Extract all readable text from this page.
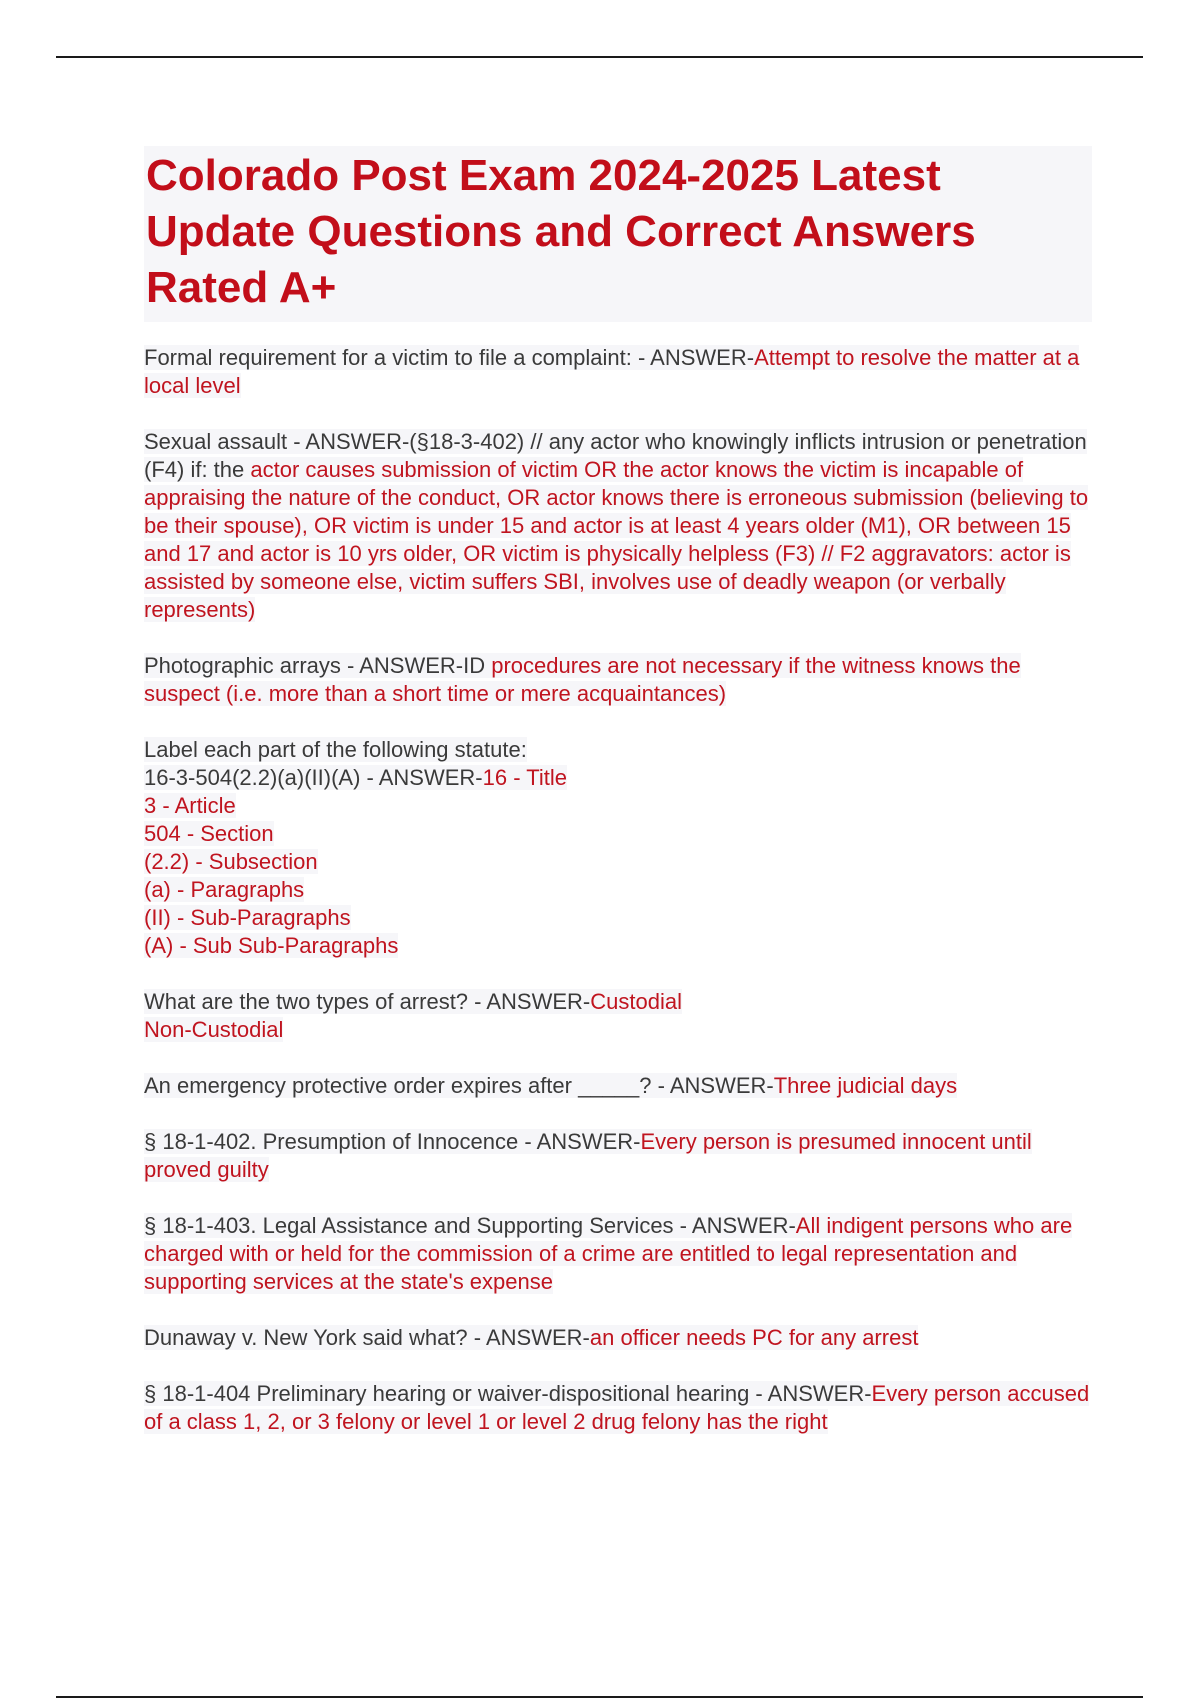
Colorado Post Exam 2024-2025 Latest Update Questions and Correct Answers Rated A+
Formal requirement for a victim to file a complaint: - ANSWER-Attempt to resolve the matter at a local level
Sexual assault - ANSWER-(§18-3-402) // any actor who knowingly inflicts intrusion or penetration (F4) if: the actor causes submission of victim OR the actor knows the victim is incapable of appraising the nature of the conduct, OR actor knows there is erroneous submission (believing to be their spouse), OR victim is under 15 and actor is at least 4 years older (M1), OR between 15 and 17 and actor is 10 yrs older, OR victim is physically helpless (F3) // F2 aggravators: actor is assisted by someone else, victim suffers SBI, involves use of deadly weapon (or verbally represents)
Photographic arrays - ANSWER-ID procedures are not necessary if the witness knows the suspect (i.e. more than a short time or mere acquaintances)
Label each part of the following statute:
16-3-504(2.2)(a)(II)(A) - ANSWER-16 - Title
3 - Article
504 - Section
(2.2) - Subsection
(a) - Paragraphs
(II) - Sub-Paragraphs
(A) - Sub Sub-Paragraphs
What are the two types of arrest? - ANSWER-Custodial
Non-Custodial
An emergency protective order expires after _____? - ANSWER-Three judicial days
§ 18-1-402. Presumption of Innocence - ANSWER-Every person is presumed innocent until proved guilty
§ 18-1-403. Legal Assistance and Supporting Services - ANSWER-All indigent persons who are charged with or held for the commission of a crime are entitled to legal representation and supporting services at the state's expense
Dunaway v. New York said what? - ANSWER-an officer needs PC for any arrest
§ 18-1-404 Preliminary hearing or waiver-dispositional hearing - ANSWER-Every person accused of a class 1, 2, or 3 felony or level 1 or level 2 drug felony has the right
